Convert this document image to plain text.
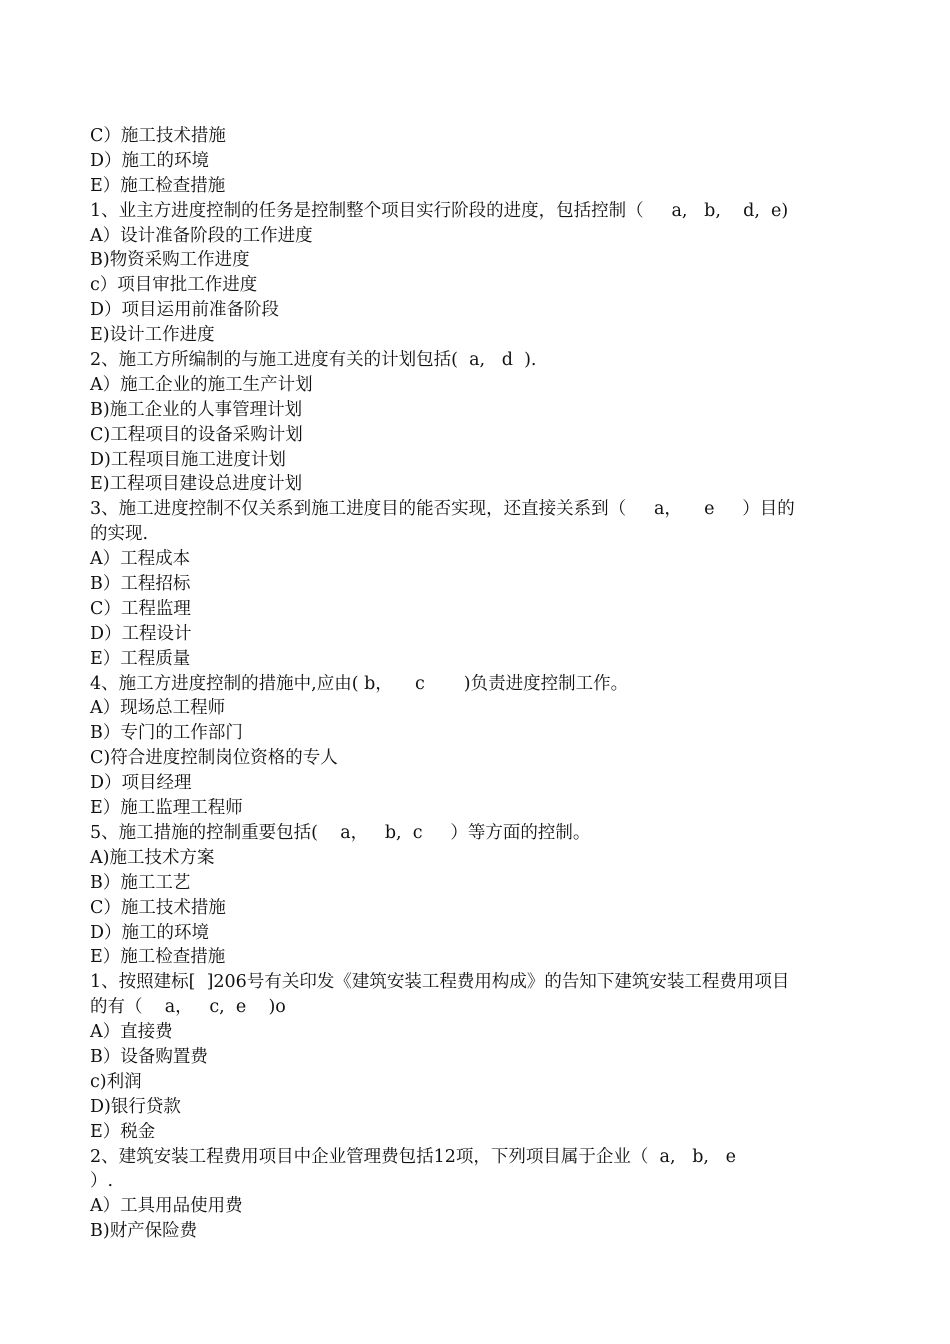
C）施工技术措施
D）施工的环境
E）施工检查措施
1、业主方进度控制的任务是控制整个项目实行阶段的进度，包括控制（     a,   b,    d,  e)
A）设计准备阶段的工作进度
B)物资采购工作进度
c）项目审批工作进度
D）项目运用前准备阶段
E)设计工作进度
2、施工方所编制的与施工进度有关的计划包括(  a,   d  ).
A）施工企业的施工生产计划
B)施工企业的人事管理计划
C)工程项目的设备采购计划
D)工程项目施工进度计划
E)工程项目建设总进度计划
3、施工进度控制不仅关系到施工进度目的能否实现，还直接关系到（     a，    e     ）目的
的实现.
A）工程成本
B）工程招标
C）工程监理
D）工程设计
E）工程质量
4、施工方进度控制的措施中,应由( b，    c       )负责进度控制工作。
A）现场总工程师
B）专门的工作部门
C)符合进度控制岗位资格的专人
D）项目经理
E）施工监理工程师
5、施工措施的控制重要包括(    a，   b,  c     ）等方面的控制。
A)施工技术方案
B）施工工艺
C）施工技术措施
D）施工的环境
E）施工检查措施
1、按照建标[  ]206号有关印发《建筑安装工程费用构成》的告知下建筑安装工程费用项目
的有（    a，   c,  e    )o
A）直接费
B）设备购置费
c)利润
D)银行贷款
E）税金
2、建筑安装工程费用项目中企业管理费包括12项，下列项目属于企业（  a,   b,   e
）.
A）工具用品使用费
B)财产保险费
